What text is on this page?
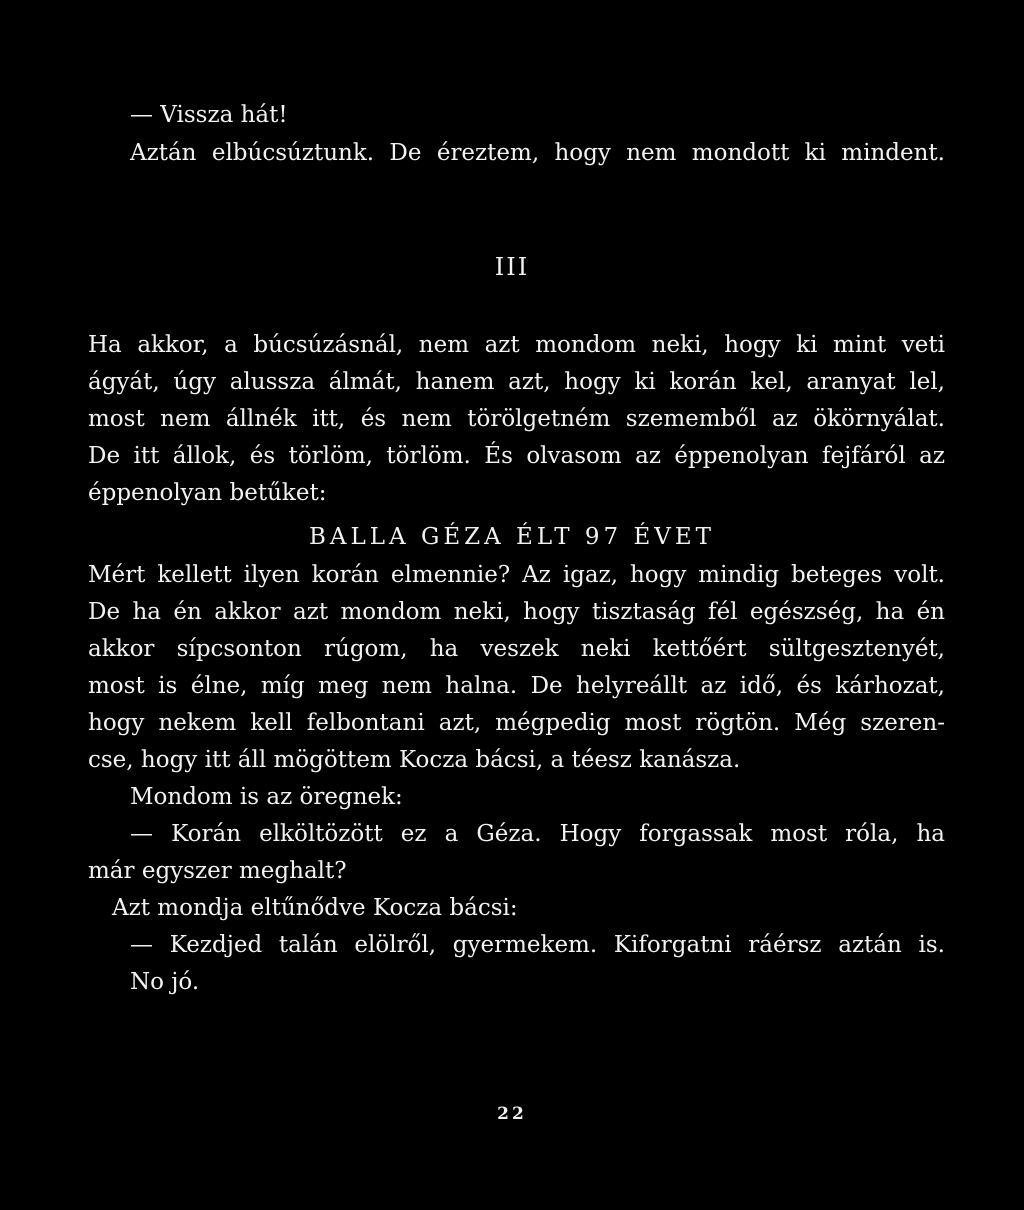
— Vissza hát!
Aztán elbúcsúztunk. De éreztem, hogy nem mondott ki mindent.
III
Ha akkor, a búcsúzásnál, nem azt mondom neki, hogy ki mint veti
ágyát, úgy alussza álmát, hanem azt, hogy ki korán kel, aranyat lel,
most nem állnék itt, és nem törölgetném szememből az ökörnyálat.
De itt állok, és törlöm, törlöm. És olvasom az éppenolyan fejfáról az
éppenolyan betűket:
BALLA GÉZA ÉLT 97 ÉVET
Mért kellett ilyen korán elmennie? Az igaz, hogy mindig beteges volt.
De ha én akkor azt mondom neki, hogy tisztaság fél egészség, ha én
akkor sípcsonton rúgom, ha veszek neki kettőért sültgesztenyét,
most is élne, míg meg nem halna. De helyreállt az idő, és kárhozat,
hogy nekem kell felbontani azt, mégpedig most rögtön. Még szeren-
cse, hogy itt áll mögöttem Kocza bácsi, a téesz kanásza.
Mondom is az öregnek:
— Korán elköltözött ez a Géza. Hogy forgassak most róla, ha
már egyszer meghalt?
Azt mondja eltűnődve Kocza bácsi:
— Kezdjed talán elölről, gyermekem. Kiforgatni ráérsz aztán is.
No jó.
22
